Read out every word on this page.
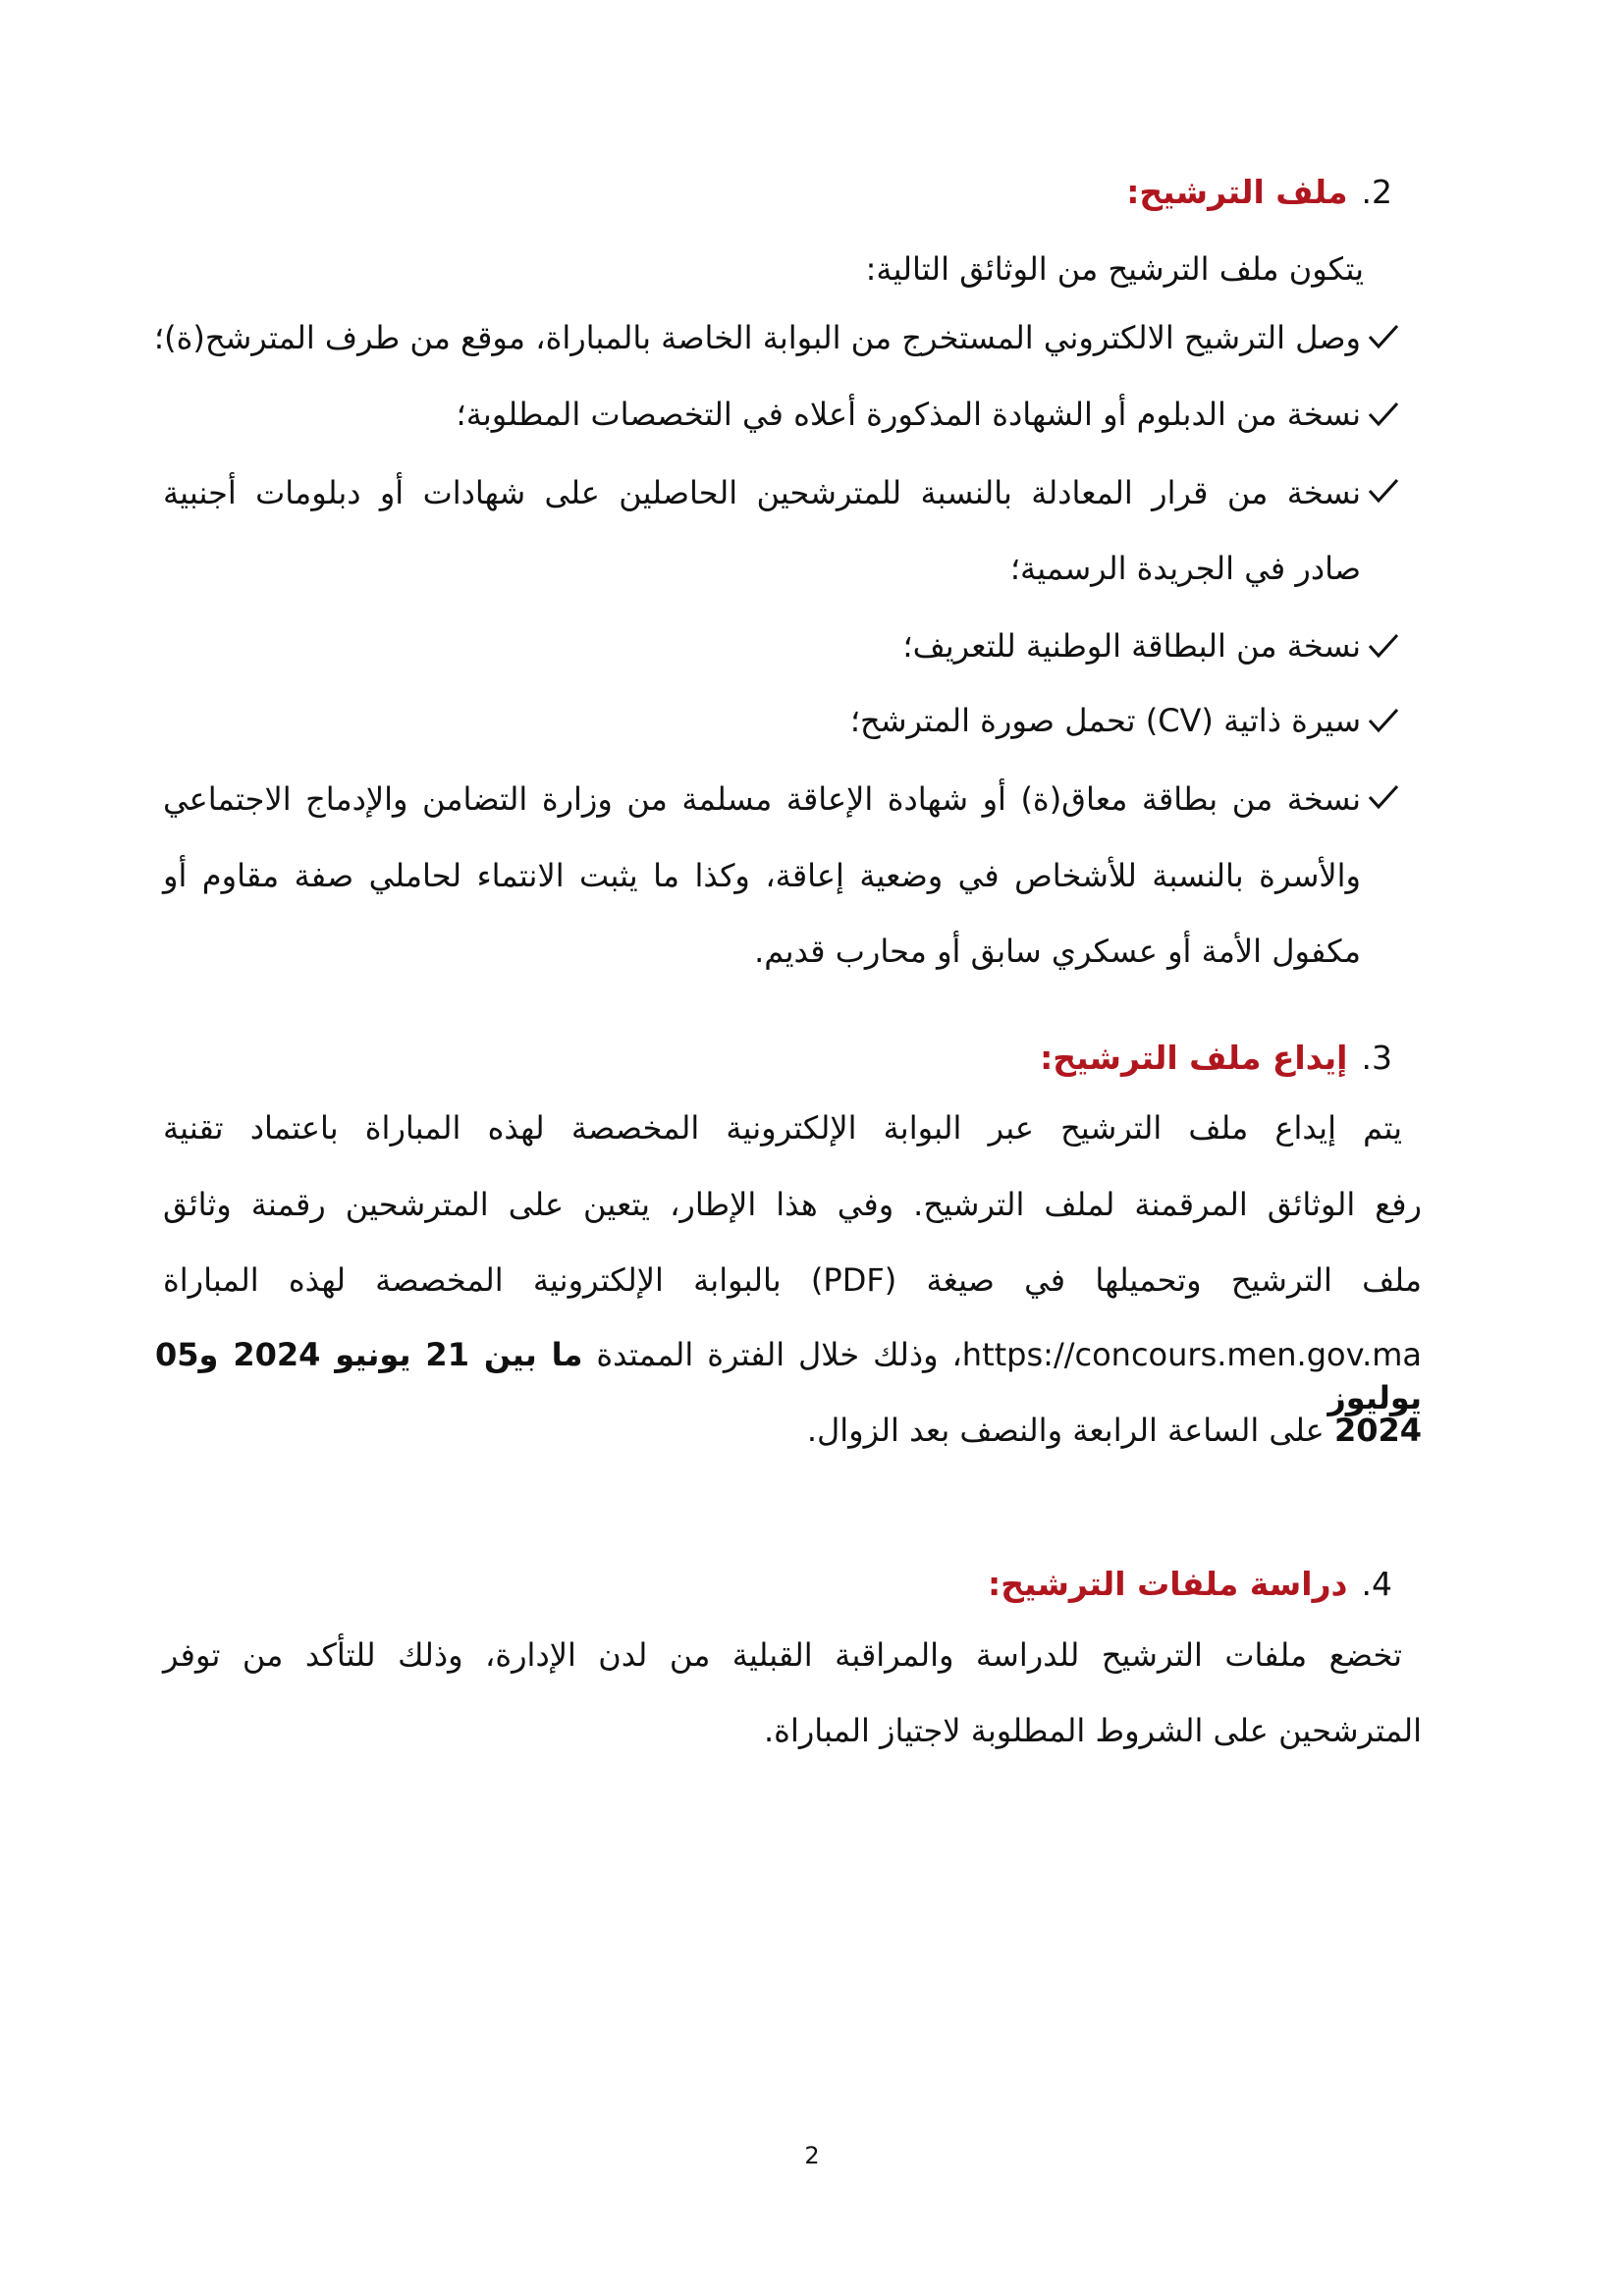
2.ملف الترشيح:
يتكون ملف الترشيح من الوثائق التالية:
وصل الترشيح الالكتروني المستخرج من البوابة الخاصة بالمباراة، موقع من طرف المترشح(ة)؛
نسخة من الدبلوم أو الشهادة المذكورة أعلاه في التخصصات المطلوبة؛
نسخة من قرار المعادلة بالنسبة للمترشحين الحاصلين على شهادات أو دبلومات أجنبية
صادر في الجريدة الرسمية؛
نسخة من البطاقة الوطنية للتعريف؛
سيرة ذاتية (CV) تحمل صورة المترشح؛
نسخة من بطاقة معاق(ة) أو شهادة الإعاقة مسلمة من وزارة التضامن والإدماج الاجتماعي
والأسرة بالنسبة للأشخاص في وضعية إعاقة، وكذا ما يثبت الانتماء لحاملي صفة مقاوم أو
مكفول الأمة أو عسكري سابق أو محارب قديم.
3.إيداع ملف الترشيح:
يتم إيداع ملف الترشيح عبر البوابة الإلكترونية المخصصة لهذه المباراة باعتماد تقنية
رفع الوثائق المرقمنة لملف الترشيح. وفي هذا الإطار، يتعين على المترشحين رقمنة وثائق
ملف الترشيح وتحميلها في صيغة (PDF) بالبوابة الإلكترونية المخصصة لهذه المباراة
https://concours.men.gov.ma، وذلك خلال الفترة الممتدة ما بين 21 يونيو 2024 و05 يوليوز
2024 على الساعة الرابعة والنصف بعد الزوال.
4.دراسة ملفات الترشيح:
تخضع ملفات الترشيح للدراسة والمراقبة القبلية من لدن الإدارة، وذلك للتأكد من توفر
المترشحين على الشروط المطلوبة لاجتياز المباراة.
2
